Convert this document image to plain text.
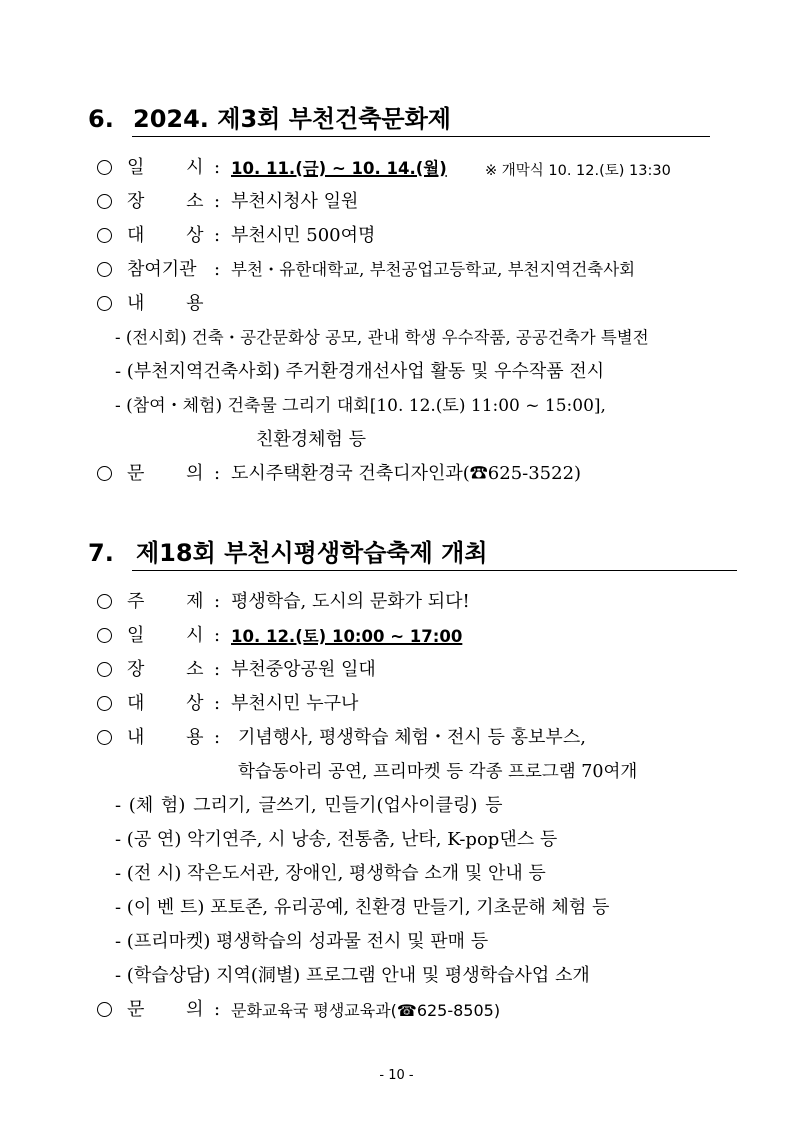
6. 2024. 제3회 부천건축문화제
일 시 : 10. 11.(금) ~ 10. 14.(월)	※ 개막식 10. 12.(토) 13:30
장 소 : 부천시청사 일원
대 상 : 부천시민 500여명
참여기관 : 부천・유한대학교, 부천공업고등학교, 부천지역건축사회
내 용
- (전시회) 건축・공간문화상 공모, 관내 학생 우수작품, 공공건축가 특별전
- (부천지역건축사회) 주거환경개선사업 활동 및 우수작품 전시
- (참여・체험) 건축물 그리기 대회[10. 12.(토) 11:00 ~ 15:00],
친환경체험 등
문 의 : 도시주택환경국 건축디자인과(☎625-3522)
7. 제18회 부천시평생학습축제 개최
주 제 : 평생학습, 도시의 문화가 되다!
일 시 : 10. 12.(토) 10:00 ~ 17:00
장 소 : 부천중앙공원 일대
대 상 : 부천시민 누구나
내 용 : 기념행사, 평생학습 체험・전시 등 홍보부스,
학습동아리 공연, 프리마켓 등 각종 프로그램 70여개
- (체 험) 그리기, 글쓰기, 민들기(업사이클링) 등
- (공 연) 악기연주, 시 낭송, 전통춤, 난타, K-pop댄스 등
- (전 시) 작은도서관, 장애인, 평생학습 소개 및 안내 등
- (이 벤 트) 포토존, 유리공예, 친환경 만들기, 기초문해 체험 등
- (프리마켓) 평생학습의 성과물 전시 및 판매 등
- (학습상담) 지역(洞별) 프로그램 안내 및 평생학습사업 소개
문 의 : 문화교육국 평생교육과(☎625-8505)
- 10 -
